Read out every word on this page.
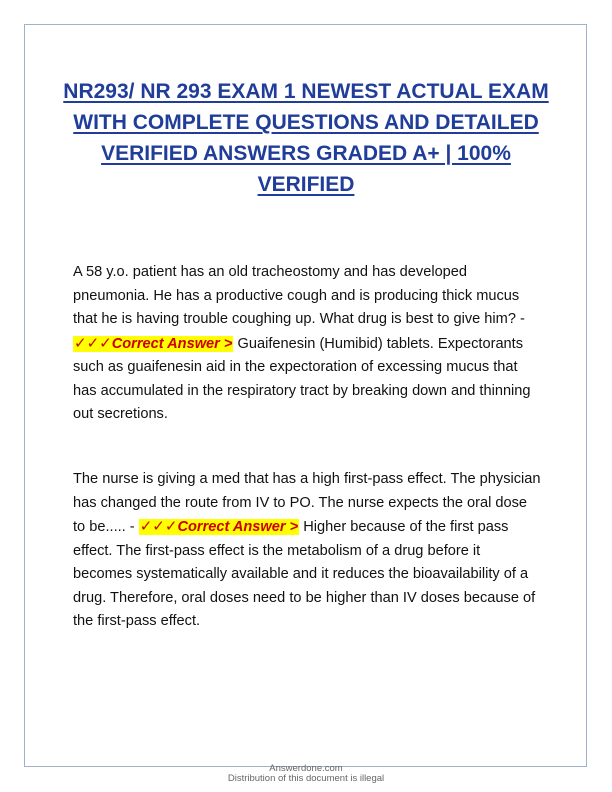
NR293/ NR 293 EXAM 1 NEWEST ACTUAL EXAM WITH COMPLETE QUESTIONS AND DETAILED VERIFIED ANSWERS GRADED A+ | 100% VERIFIED

A 58 y.o. patient has an old tracheostomy and has developed pneumonia. He has a productive cough and is producing thick mucus that he is having trouble coughing up. What drug is best to give him? - ✓✓✓Correct Answer > Guaifenesin (Humibid) tablets. Expectorants such as guaifenesin aid in the expectoration of excessing mucus that has accumulated in the respiratory tract by breaking down and thinning out secretions.

The nurse is giving a med that has a high first-pass effect. The physician has changed the route from IV to PO. The nurse expects the oral dose to be..... - ✓✓✓Correct Answer > Higher because of the first pass effect. The first-pass effect is the metabolism of a drug before it becomes systematically available and it reduces the bioavailability of a drug. Therefore, oral doses need to be higher than IV doses because of the first-pass effect.

Answerdone.com
Distribution of this document is illegal
